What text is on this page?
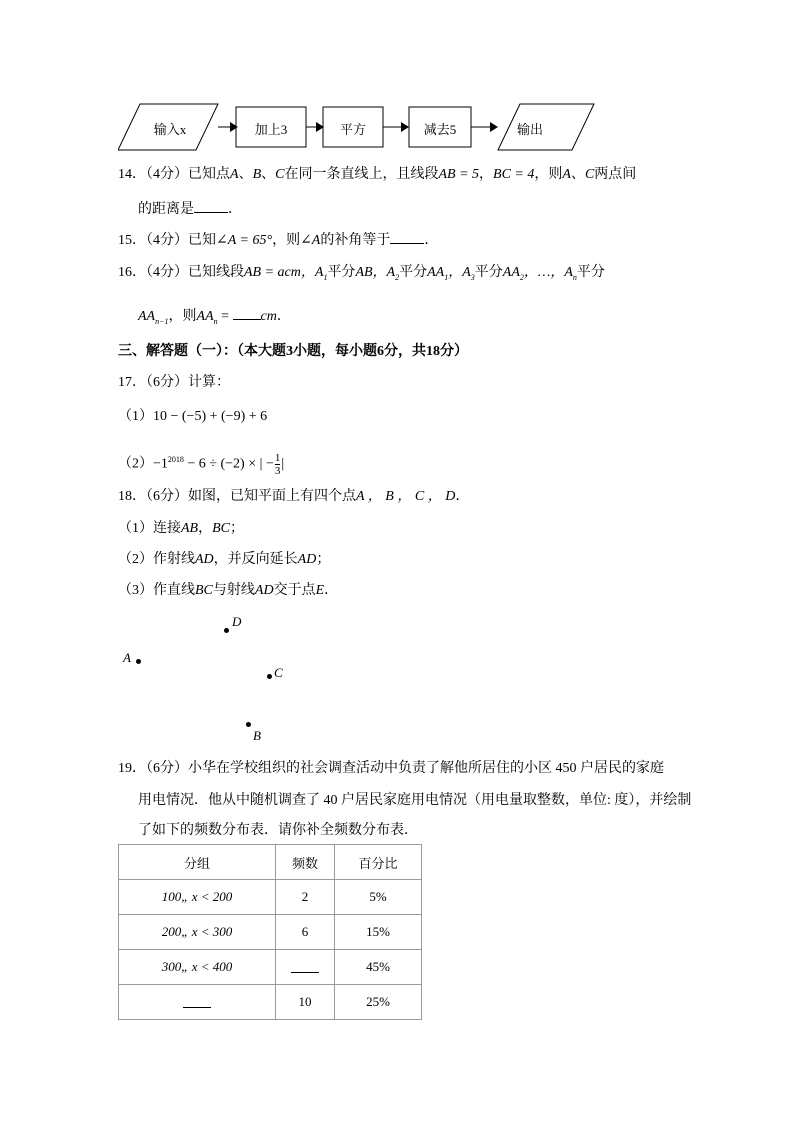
输入x	加上3	平方	减去5	输出
14．（4分）已知点A、B、C在同一条直线上，且线段AB = 5，BC = 4，则A、C两点间
的距离是 ．
15．（4分）已知∠A = 65°，则∠A的补角等于 ．
16．（4分）已知线段AB = acm，$A_1$平分AB，$A_2$平分$AA_1$，$A_3$平分$AA_2$，…，$A_n$平分
$AA_{n-1}$，则$AA_n$ = cm．
三、解答题（一）：（本大题3小题，每小题6分，共18分）
17．（6分）计算：
（1）10 − (−5) + (−9) + 6
$(2)-1^{2018} - 6 \div (-2)$ × | − $\frac{1}{3}$ |
18．（6分）如图，已知平面上有四个点A ， B ， C ， D．
（1）连接AB，BC；
（2）作射线AD，并反向延长AD；
（3）作直线BC与射线AD交于点E．
D
A
C
B
19．（6分）小华在学校组织的社会调查活动中负责了解他所居住的小区 450 户居民的家庭
用电情况．他从中随机调查了 40 户居民家庭用电情况（用电量取整数，单位: 度），并绘制
了如下的频数分布表．请你补全频数分布表．
分组	频数	百分比
100„ x < 200	2	5%
200„ x < 300	6	15%
300„ x < 400		45%
	10	25%
